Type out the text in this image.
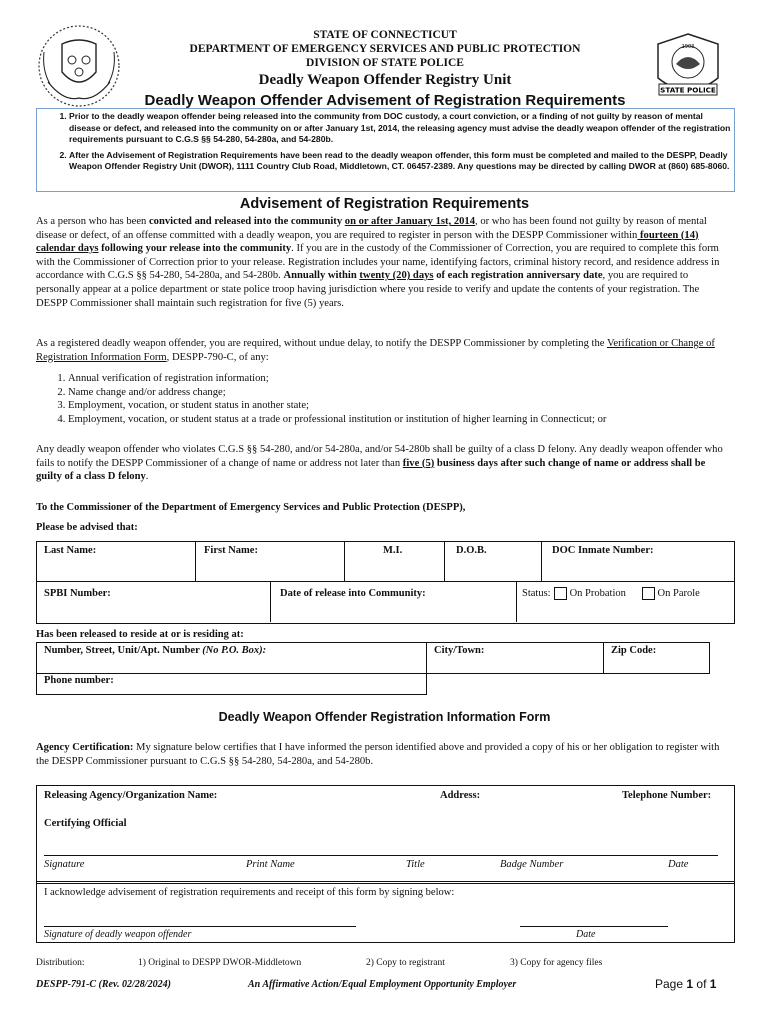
STATE OF CONNECTICUT
DEPARTMENT OF EMERGENCY SERVICES AND PUBLIC PROTECTION
DIVISION OF STATE POLICE
Deadly Weapon Offender Registry Unit
Deadly Weapon Offender Advisement of Registration Requirements
1903
STATE POLICE
1. Prior to the deadly weapon offender being released into the community from DOC custody, a court conviction, or a finding of not guilty by reason of mental disease or defect, and released into the community on or after January 1st, 2014, the releasing agency must advise the deadly weapon offender of the registration requirements pursuant to C.G.S §§ 54-280, 54-280a, and 54-280b.
2. After the Advisement of Registration Requirements have been read to the deadly weapon offender, this form must be completed and mailed to the DESPP, Deadly Weapon Offender Registry Unit (DWOR), 1111 Country Club Road, Middletown, CT. 06457-2389. Any questions may be directed by calling DWOR at (860) 685-8060.
Advisement of Registration Requirements
As a person who has been convicted and released into the community on or after January 1st, 2014, or who has been found not guilty by reason of mental disease or defect, of an offense committed with a deadly weapon, you are required to register in person with the DESPP Commissioner within fourteen (14) calendar days following your release into the community. If you are in the custody of the Commissioner of Correction, you are required to complete this form with the Commissioner of Correction prior to your release. Registration includes your name, identifying factors, criminal history record, and residence address in accordance with C.G.S §§ 54-280, 54-280a, and 54-280b. Annually within twenty (20) days of each registration anniversary date, you are required to personally appear at a police department or state police troop having jurisdiction where you reside to verify and update the contents of your registration. The DESPP Commissioner shall maintain such registration for five (5) years.
As a registered deadly weapon offender, you are required, without undue delay, to notify the DESPP Commissioner by completing the Verification or Change of Registration Information Form, DESPP-790-C, of any:
1. Annual verification of registration information;
2. Name change and/or address change;
3. Employment, vocation, or student status in another state;
4. Employment, vocation, or student status at a trade or professional institution or institution of higher learning in Connecticut; or
Any deadly weapon offender who violates C.G.S §§ 54-280, and/or 54-280a, and/or 54-280b shall be guilty of a class D felony. Any deadly weapon offender who fails to notify the DESPP Commissioner of a change of name or address not later than five (5) business days after such change of name or address shall be guilty of a class D felony.
To the Commissioner of the Department of Emergency Services and Public Protection (DESPP),
Please be advised that:
Last Name:	First Name:	M.I.	D.O.B.	DOC Inmate Number:
SPBI Number:	Date of release into Community:	Status: On Probation	On Parole
Has been released to reside at or is residing at:
Number, Street, Unit/Apt. Number (No P.O. Box):	City/Town:	Zip Code:
Phone number:
Deadly Weapon Offender Registration Information Form
Agency Certification: My signature below certifies that I have informed the person identified above and provided a copy of his or her obligation to register with the DESPP Commissioner pursuant to C.G.S §§ 54-280, 54-280a, and 54-280b.
Releasing Agency/Organization Name:	Address:	Telephone Number:
Certifying Official
Signature	Print Name	Title	Badge Number	Date
I acknowledge advisement of registration requirements and receipt of this form by signing below:
Signature of deadly weapon offender	Date
Distribution:	1) Original to DESPP DWOR-Middletown	2) Copy to registrant	3) Copy for agency files
DESPP-791-C (Rev. 02/28/2024)	An Affirmative Action/Equal Employment Opportunity Employer	Page 1 of 1
